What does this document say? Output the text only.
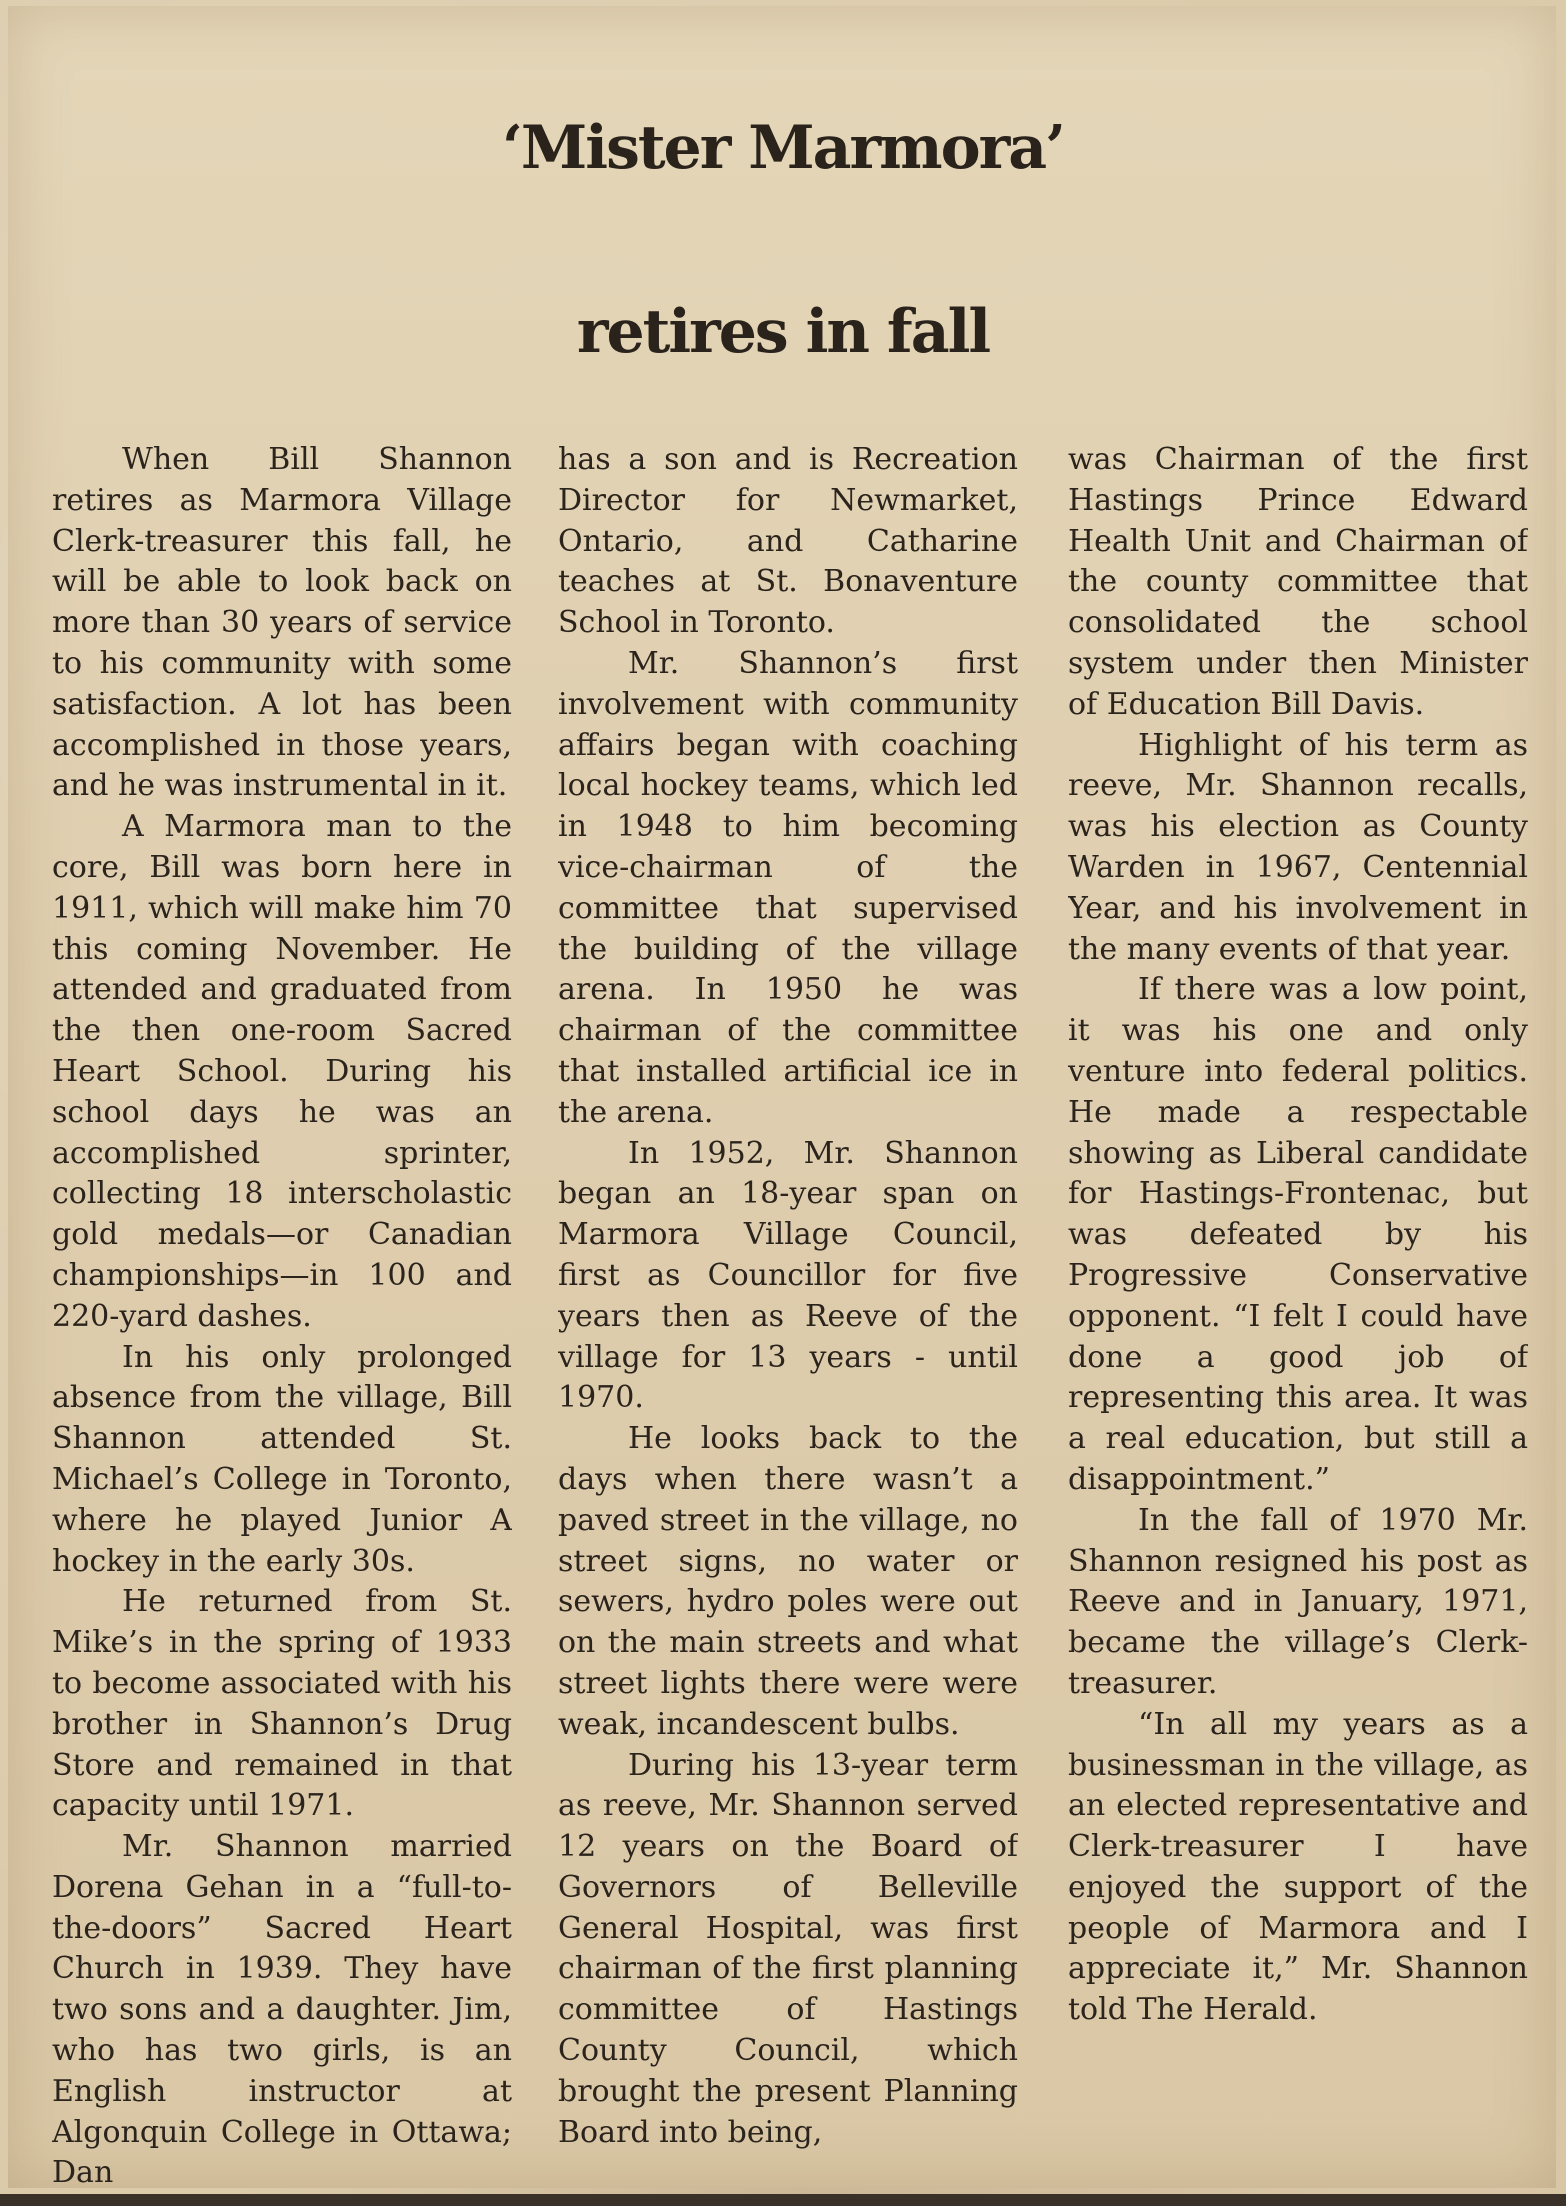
‘Mister Marmora’
retires in fall

When Bill Shannon retires as Marmora Village Clerk-treasurer this fall, he will be able to look back on more than 30 years of service to his community with some satisfaction. A lot has been accomplished in those years, and he was instrumental in it.

A Marmora man to the core, Bill was born here in 1911, which will make him 70 this coming November. He attended and graduated from the then one-room Sacred Heart School. During his school days he was an accomplished sprinter, collecting 18 interscholastic gold medals—or Canadian championships—in 100 and 220-yard dashes.

In his only prolonged absence from the village, Bill Shannon attended St. Michael’s College in Toronto, where he played Junior A hockey in the early 30s.

He returned from St. Mike’s in the spring of 1933 to become associated with his brother in Shannon’s Drug Store and remained in that capacity until 1971.

Mr. Shannon married Dorena Gehan in a “full-to-the-doors” Sacred Heart Church in 1939. They have two sons and a daughter. Jim, who has two girls, is an English instructor at Algonquin College in Ottawa; Dan

has a son and is Recreation Director for Newmarket, Ontario, and Catharine teaches at St. Bonaventure School in Toronto.

Mr. Shannon’s first involvement with community affairs began with coaching local hockey teams, which led in 1948 to him becoming vice-chairman of the committee that supervised the building of the village arena. In 1950 he was chairman of the committee that installed artificial ice in the arena.

In 1952, Mr. Shannon began an 18-year span on Marmora Village Council, first as Councillor for five years then as Reeve of the village for 13 years - until 1970.

He looks back to the days when there wasn’t a paved street in the village, no street signs, no water or sewers, hydro poles were out on the main streets and what street lights there were were weak, incandescent bulbs.

During his 13-year term as reeve, Mr. Shannon served 12 years on the Board of Governors of Belleville General Hospital, was first chairman of the first planning committee of Hastings County Council, which brought the present Planning Board into being,

was Chairman of the first Hastings Prince Edward Health Unit and Chairman of the county committee that consolidated the school system under then Minister of Education Bill Davis.

Highlight of his term as reeve, Mr. Shannon recalls, was his election as County Warden in 1967, Centennial Year, and his involvement in the many events of that year.

If there was a low point, it was his one and only venture into federal politics. He made a respectable showing as Liberal candidate for Hastings-Frontenac, but was defeated by his Progressive Conservative opponent. “I felt I could have done a good job of representing this area. It was a real education, but still a disappointment.”

In the fall of 1970 Mr. Shannon resigned his post as Reeve and in January, 1971, became the village’s Clerk-treasurer.

“In all my years as a businessman in the village, as an elected representative and Clerk-treasurer I have enjoyed the support of the people of Marmora and I appreciate it,” Mr. Shannon told The Herald.
